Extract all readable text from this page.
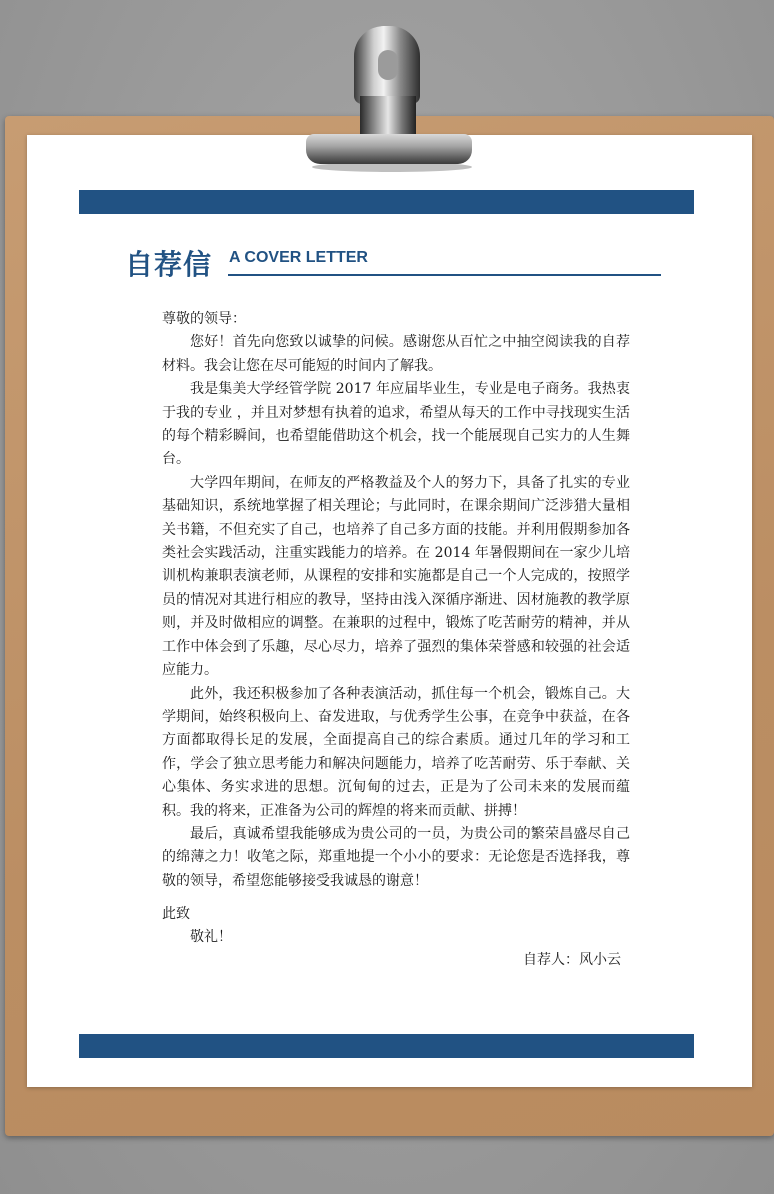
自荐信 A COVER LETTER

尊敬的领导：

您好！首先向您致以诚挚的问候。感谢您从百忙之中抽空阅读我的自荐材料。我会让您在尽可能短的时间内了解我。

我是集美大学经管学院 2017 年应届毕业生，专业是电子商务。我热衷于我的专业 ，并且对梦想有执着的追求，希望从每天的工作中寻找现实生活的每个精彩瞬间，也希望能借助这个机会，找一个能展现自己实力的人生舞台。

大学四年期间，在师友的严格教益及个人的努力下，具备了扎实的专业基础知识，系统地掌握了相关理论；与此同时，在课余期间广泛涉猎大量相关书籍，不但充实了自己，也培养了自己多方面的技能。并利用假期参加各类社会实践活动，注重实践能力的培养。在 2014 年暑假期间在一家少儿培训机构兼职表演老师，从课程的安排和实施都是自己一个人完成的，按照学员的情况对其进行相应的教导，坚持由浅入深循序渐进、因材施教的教学原则，并及时做相应的调整。在兼职的过程中，锻炼了吃苦耐劳的精神，并从工作中体会到了乐趣，尽心尽力，培养了强烈的集体荣誉感和较强的社会适应能力。

此外，我还积极参加了各种表演活动，抓住每一个机会，锻炼自己。大学期间，始终积极向上、奋发进取，与优秀学生公事，在竞争中获益，在各方面都取得长足的发展，全面提高自己的综合素质。通过几年的学习和工作，学会了独立思考能力和解决问题能力，培养了吃苦耐劳、乐于奉献、关心集体、务实求进的思想。沉甸甸的过去，正是为了公司未来的发展而蕴积。我的将来，正准备为公司的辉煌的将来而贡献、拼搏！

最后，真诚希望我能够成为贵公司的一员，为贵公司的繁荣昌盛尽自己的绵薄之力！收笔之际，郑重地提一个小小的要求：无论您是否选择我，尊敬的领导，希望您能够接受我诚恳的谢意！

此致
敬礼！
自荐人：风小云
